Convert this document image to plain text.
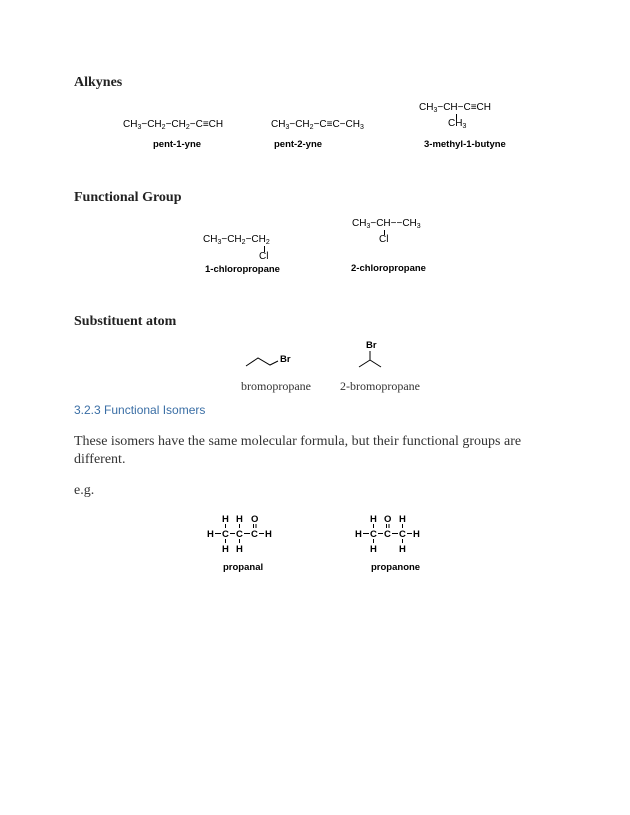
Alkynes
$CH_3-CH_2-CH_2-C\equiv CH$
pent-1-yne
$CH_3-CH_2-C\equiv C-CH_3$
pent-2-yne
$CH_3-CH-C\equiv CH$
$CH_3$
3-methyl-1-butyne
Functional Group
$CH_3-CH_2-CH_2$
Cl
1-chloropropane
$CH_3-CH--CH_3$
Cl
2-chloropropane
Substituent atom
Br
bromopropane
Br
2-bromopropane
3.2.3 Functional Isomers
These isomers have the same molecular formula, but their functional groups are different.
e.g.
H H O
H C C C H
H H
propanal
H O H
H C C C H
H H
propanone
